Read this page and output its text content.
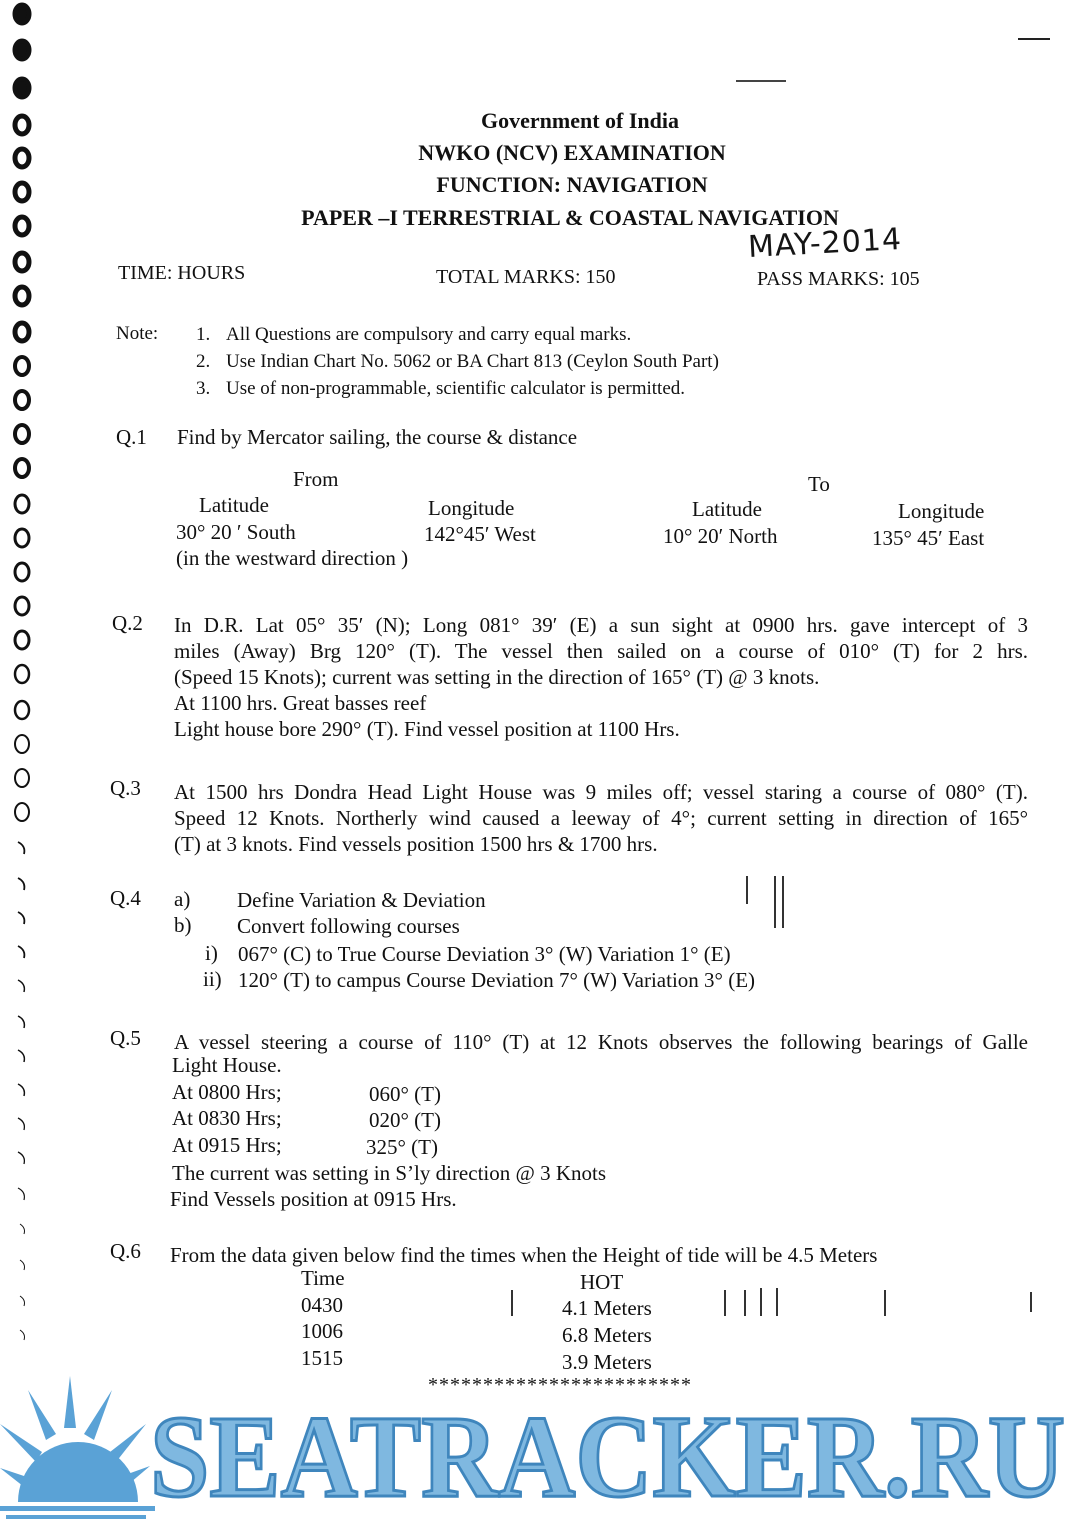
Government of India
NWKO (NCV) EXAMINATION
FUNCTION: NAVIGATION
PAPER –I TERRESTRIAL & COASTAL NAVIGATION
MAY-2014
TIME: HOURS	TOTAL MARKS: 150	PASS MARKS: 105
Note: 1. All Questions are compulsory and carry equal marks.
2. Use Indian Chart No. 5062 or BA Chart 813 (Ceylon South Part)
3. Use of non-programmable, scientific calculator is permitted.
Q.1 Find by Mercator sailing, the course & distance
From	To
Latitude	Longitude	Latitude	Longitude
30° 20 ′ South	142°45′ West	10° 20′ North	135° 45′ East
(in the westward direction )
Q.2 In D.R. Lat 05° 35′ (N); Long 081° 39′ (E) a sun sight at 0900 hrs. gave intercept of 3
miles (Away) Brg 120° (T). The vessel then sailed on a course of 010° (T) for 2 hrs.
(Speed 15 Knots); current was setting in the direction of 165° (T) @ 3 knots.
At 1100 hrs. Great basses reef
Light house bore 290° (T). Find vessel position at 1100 Hrs.
Q.3 At 1500 hrs Dondra Head Light House was 9 miles off; vessel staring a course of 080° (T).
Speed 12 Knots. Northerly wind caused a leeway of 4°; current setting in direction of 165°
(T) at 3 knots. Find vessels position 1500 hrs & 1700 hrs.
Q.4 a) Define Variation & Deviation
b) Convert following courses
i) 067° (C) to True Course Deviation 3° (W) Variation 1° (E)
ii) 120° (T) to campus Course Deviation 7° (W) Variation 3° (E)
Q.5 A vessel steering a course of 110° (T) at 12 Knots observes the following bearings of Galle
Light House.
At 0800 Hrs;	060° (T)
At 0830 Hrs;	020° (T)
At 0915 Hrs;	325° (T)
The current was setting in S’ly direction @ 3 Knots
Find Vessels position at 0915 Hrs.
Q.6 From the data given below find the times when the Height of tide will be 4.5 Meters
Time	HOT
0430	4.1 Meters
1006	6.8 Meters
1515	3.9 Meters
************************
SEATRACKER.RU
